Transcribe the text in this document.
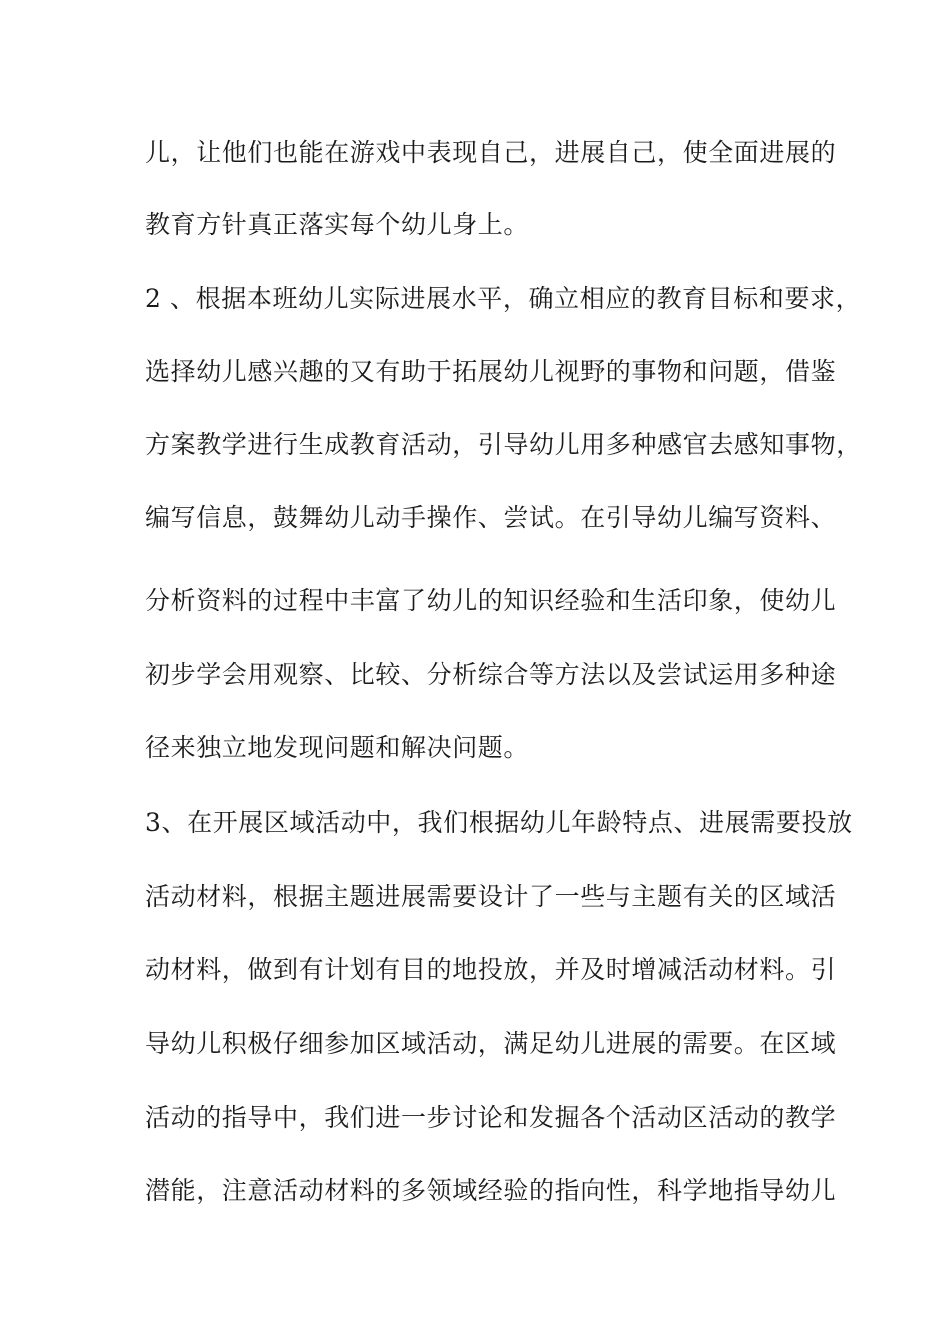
儿，让他们也能在游戏中表现自己，进展自己，使全面进展的
教育方针真正落实每个幼儿身上。
2 、根据本班幼儿实际进展水平，确立相应的教育目标和要求，
选择幼儿感兴趣的又有助于拓展幼儿视野的事物和问题，借鉴
方案教学进行生成教育活动，引导幼儿用多种感官去感知事物，
编写信息，鼓舞幼儿动手操作、尝试。在引导幼儿编写资料、
分析资料的过程中丰富了幼儿的知识经验和生活印象，使幼儿
初步学会用观察、比较、分析综合等方法以及尝试运用多种途
径来独立地发现问题和解决问题。
3、在开展区域活动中，我们根据幼儿年龄特点、进展需要投放
活动材料，根据主题进展需要设计了一些与主题有关的区域活
动材料，做到有计划有目的地投放，并及时增减活动材料。引
导幼儿积极仔细参加区域活动，满足幼儿进展的需要。在区域
活动的指导中，我们进一步讨论和发掘各个活动区活动的教学
潜能，注意活动材料的多领域经验的指向性，科学地指导幼儿
